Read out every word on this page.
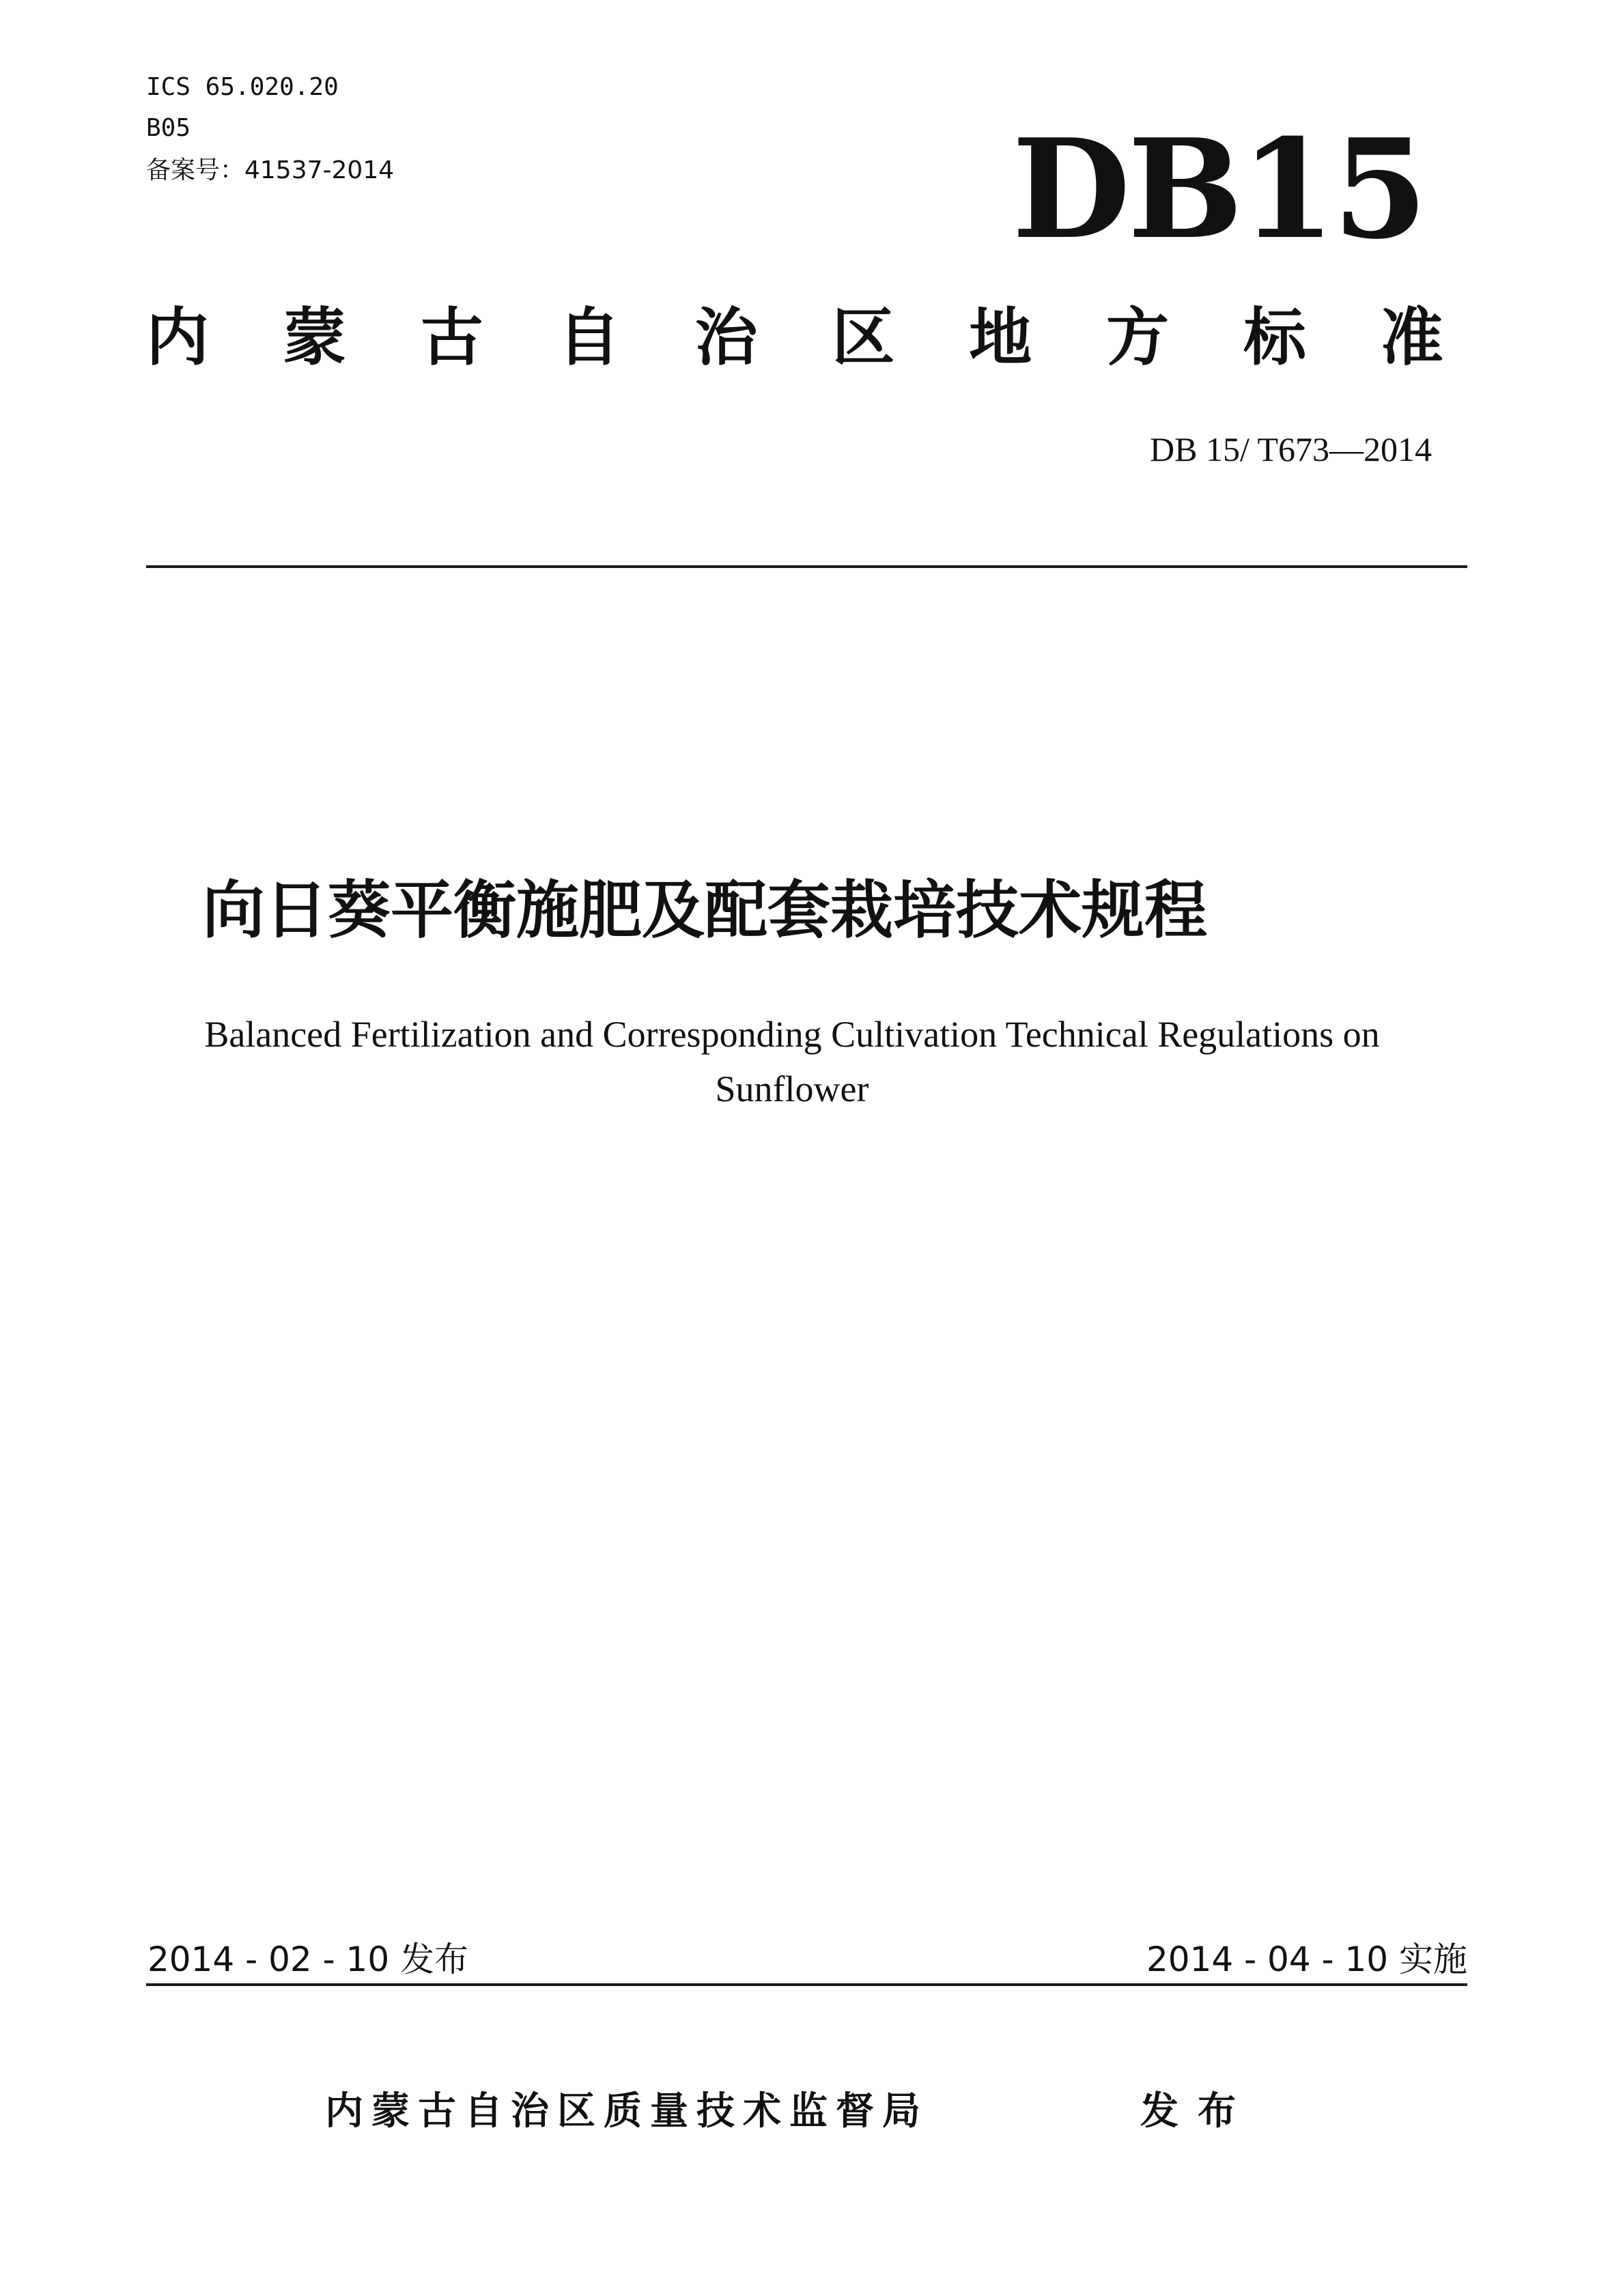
ICS 65.020.20
B05
备案号：41537-2014	DB15
内 蒙 古 自 治 区 地 方 标 准
DB 15/ T673—2014
向日葵平衡施肥及配套栽培技术规程
Balanced Fertilization and Corresponding Cultivation Technical Regulations on
Sunflower
2014 - 02 - 10 发布	2014 - 04 - 10 实施
内蒙古自治区质量技术监督局	发布
